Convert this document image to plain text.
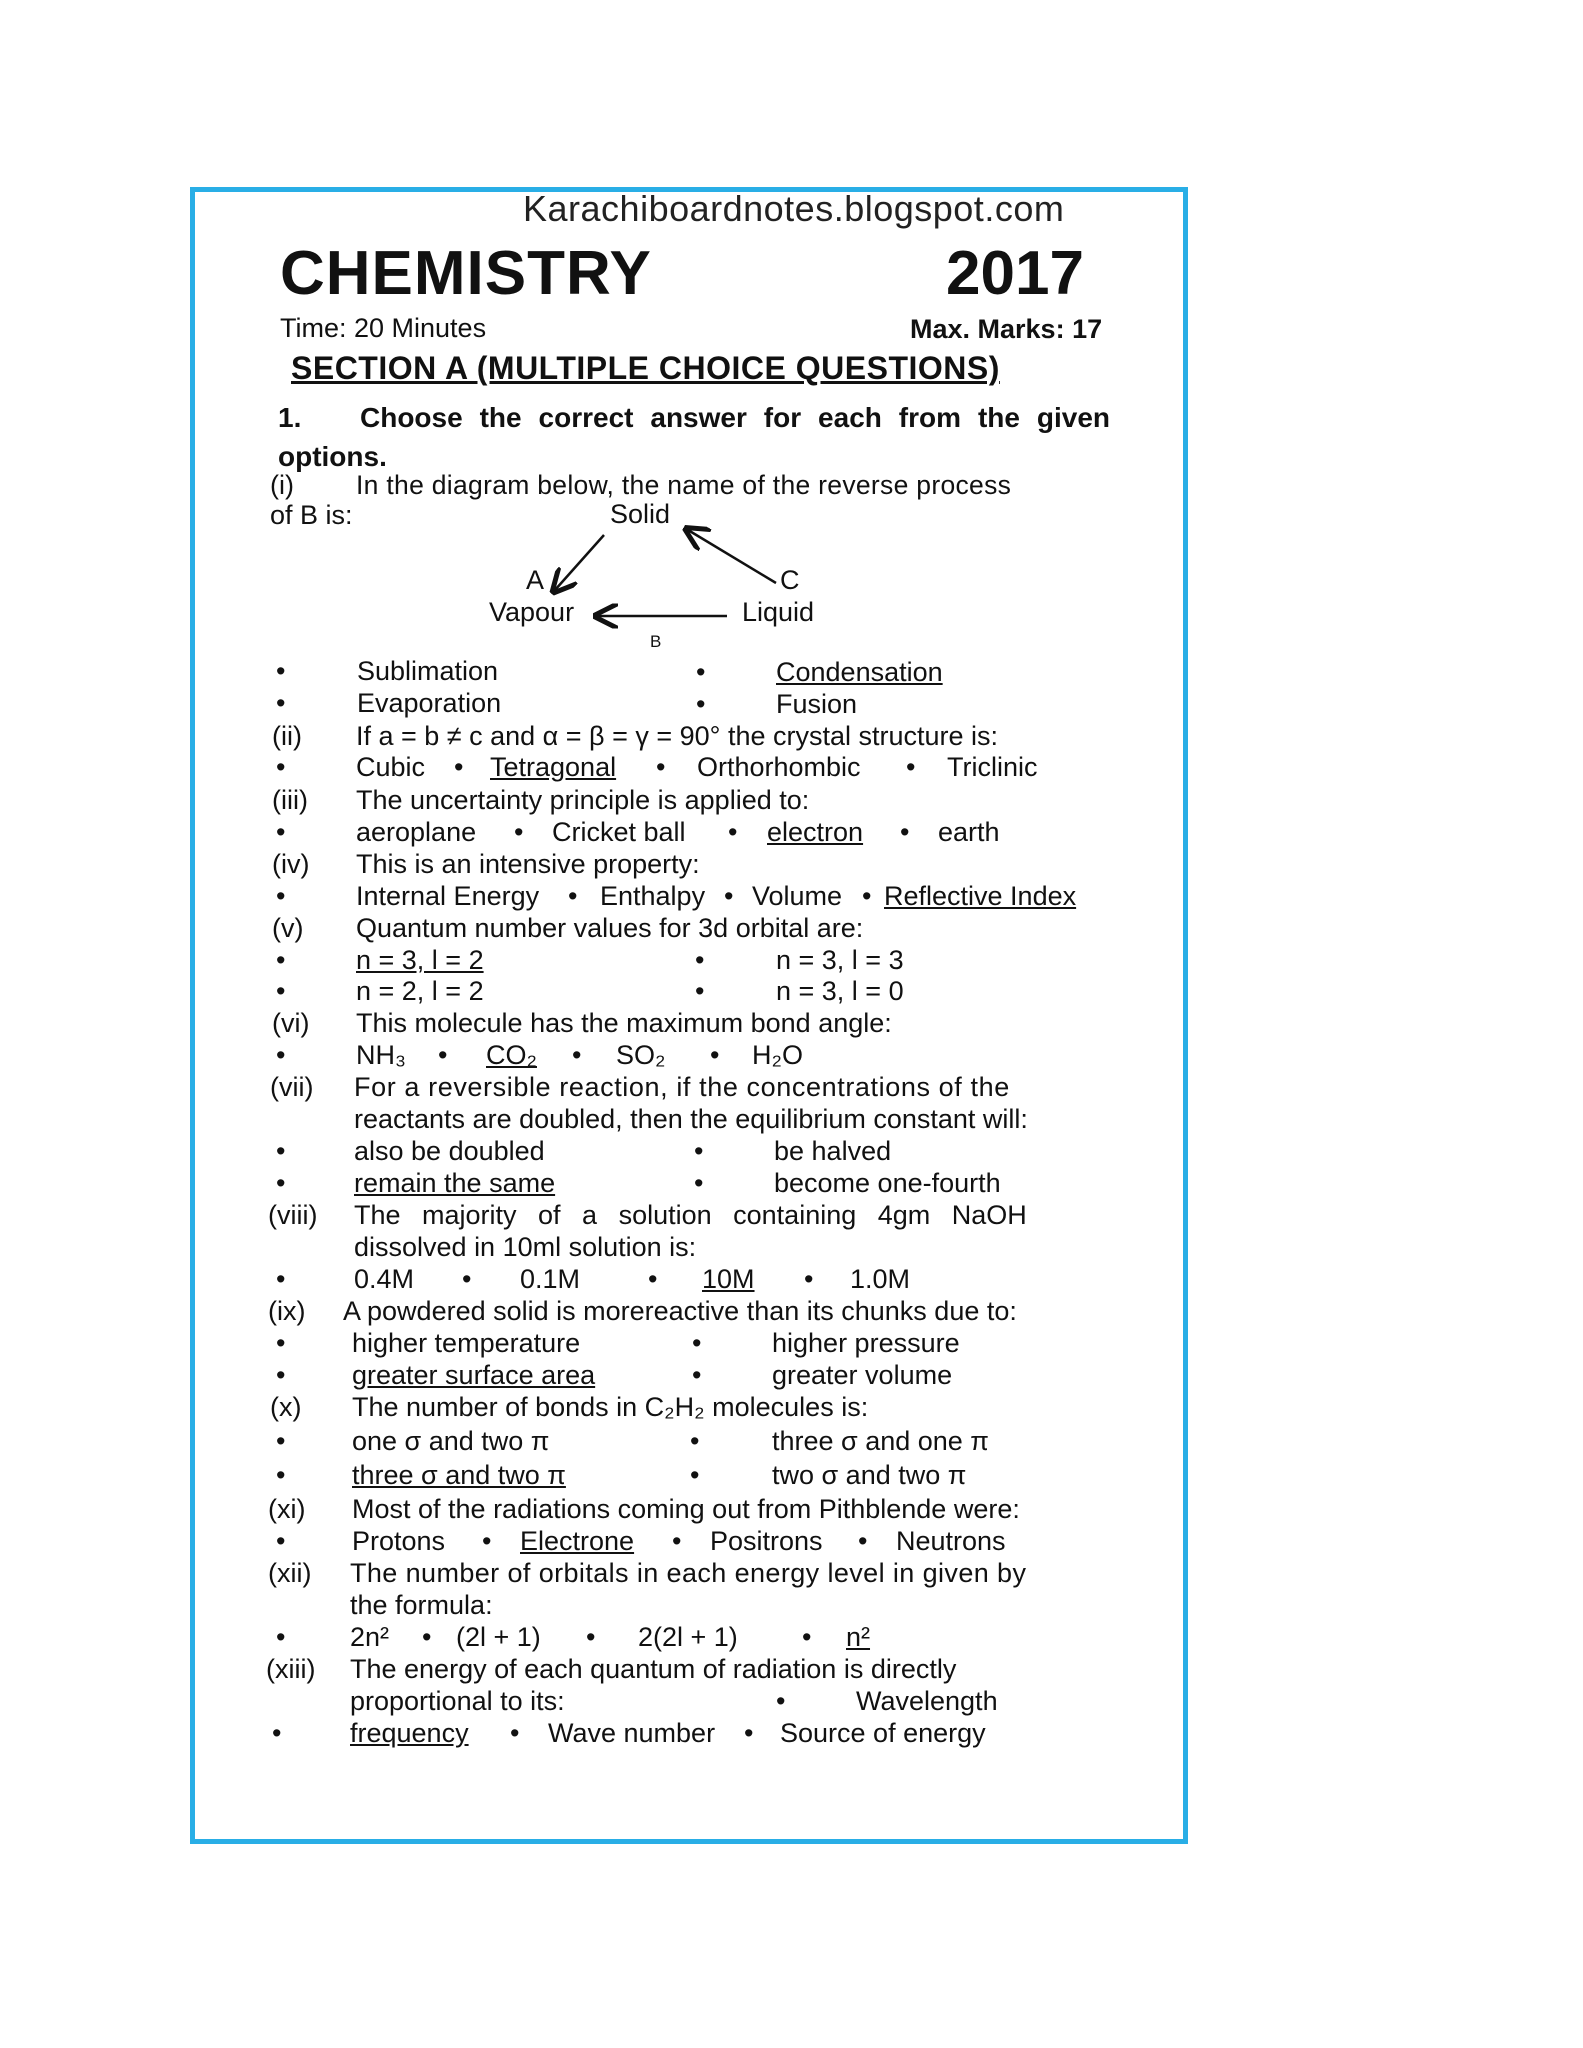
Karachiboardnotes.blogspot.com
CHEMISTRY	2017
Time: 20 Minutes	Max. Marks: 17
SECTION A (MULTIPLE CHOICE QUESTIONS)
1. Choose the correct answer for each from the given options.
(i) In the diagram below, the name of the reverse process
of B is:	Solid
A	C
Vapour	Liquid
B
•	Sublimation	•	Condensation
•	Evaporation	•	Fusion
(ii) If a = b ≠ c and α = β = γ = 90° the crystal structure is:
•	Cubic • Tetragonal • Orthorhombic • Triclinic
(iii) The uncertainty principle is applied to:
•	aeroplane • Cricket ball • electron • earth
(iv) This is an intensive property:
•	Internal Energy • Enthalpy • Volume • Reflective Index
(v) Quantum number values for 3d orbital are:
•	n = 3, l = 2	•	n = 3, l = 3
•	n = 2, l = 2	•	n = 3, l = 0
(vi) This molecule has the maximum bond angle:
•	NH₃ • CO₂ • SO₂ • H₂O
(vii) For a reversible reaction, if the concentrations of the
reactants are doubled, then the equilibrium constant will:
•	also be doubled	•	be halved
•	remain the same	•	become one-fourth
(viii) The majority of a solution containing 4gm NaOH
dissolved in 10ml solution is:
•	0.4M • 0.1M	• 10M • 1.0M
(ix) A powdered solid is morereactive than its chunks due to:
• higher temperature	•	higher pressure
• greater surface area	•	greater volume
(x) The number of bonds in C₂H₂ molecules is:
• one σ and two π	•	three σ and one π
• three σ and two π	•	two σ and two π
(xi) Most of the radiations coming out from Pithblende were:
• Protons • Electrone • Positrons • Neutrons
(xii) The number of orbitals in each energy level in given by
the formula:
• 2n² • (2l + 1) • 2(2l + 1) • n²
(xiii) The energy of each quantum of radiation is directly
proportional to its:	•	Wavelength
•	frequency • Wave number • Source of energy
